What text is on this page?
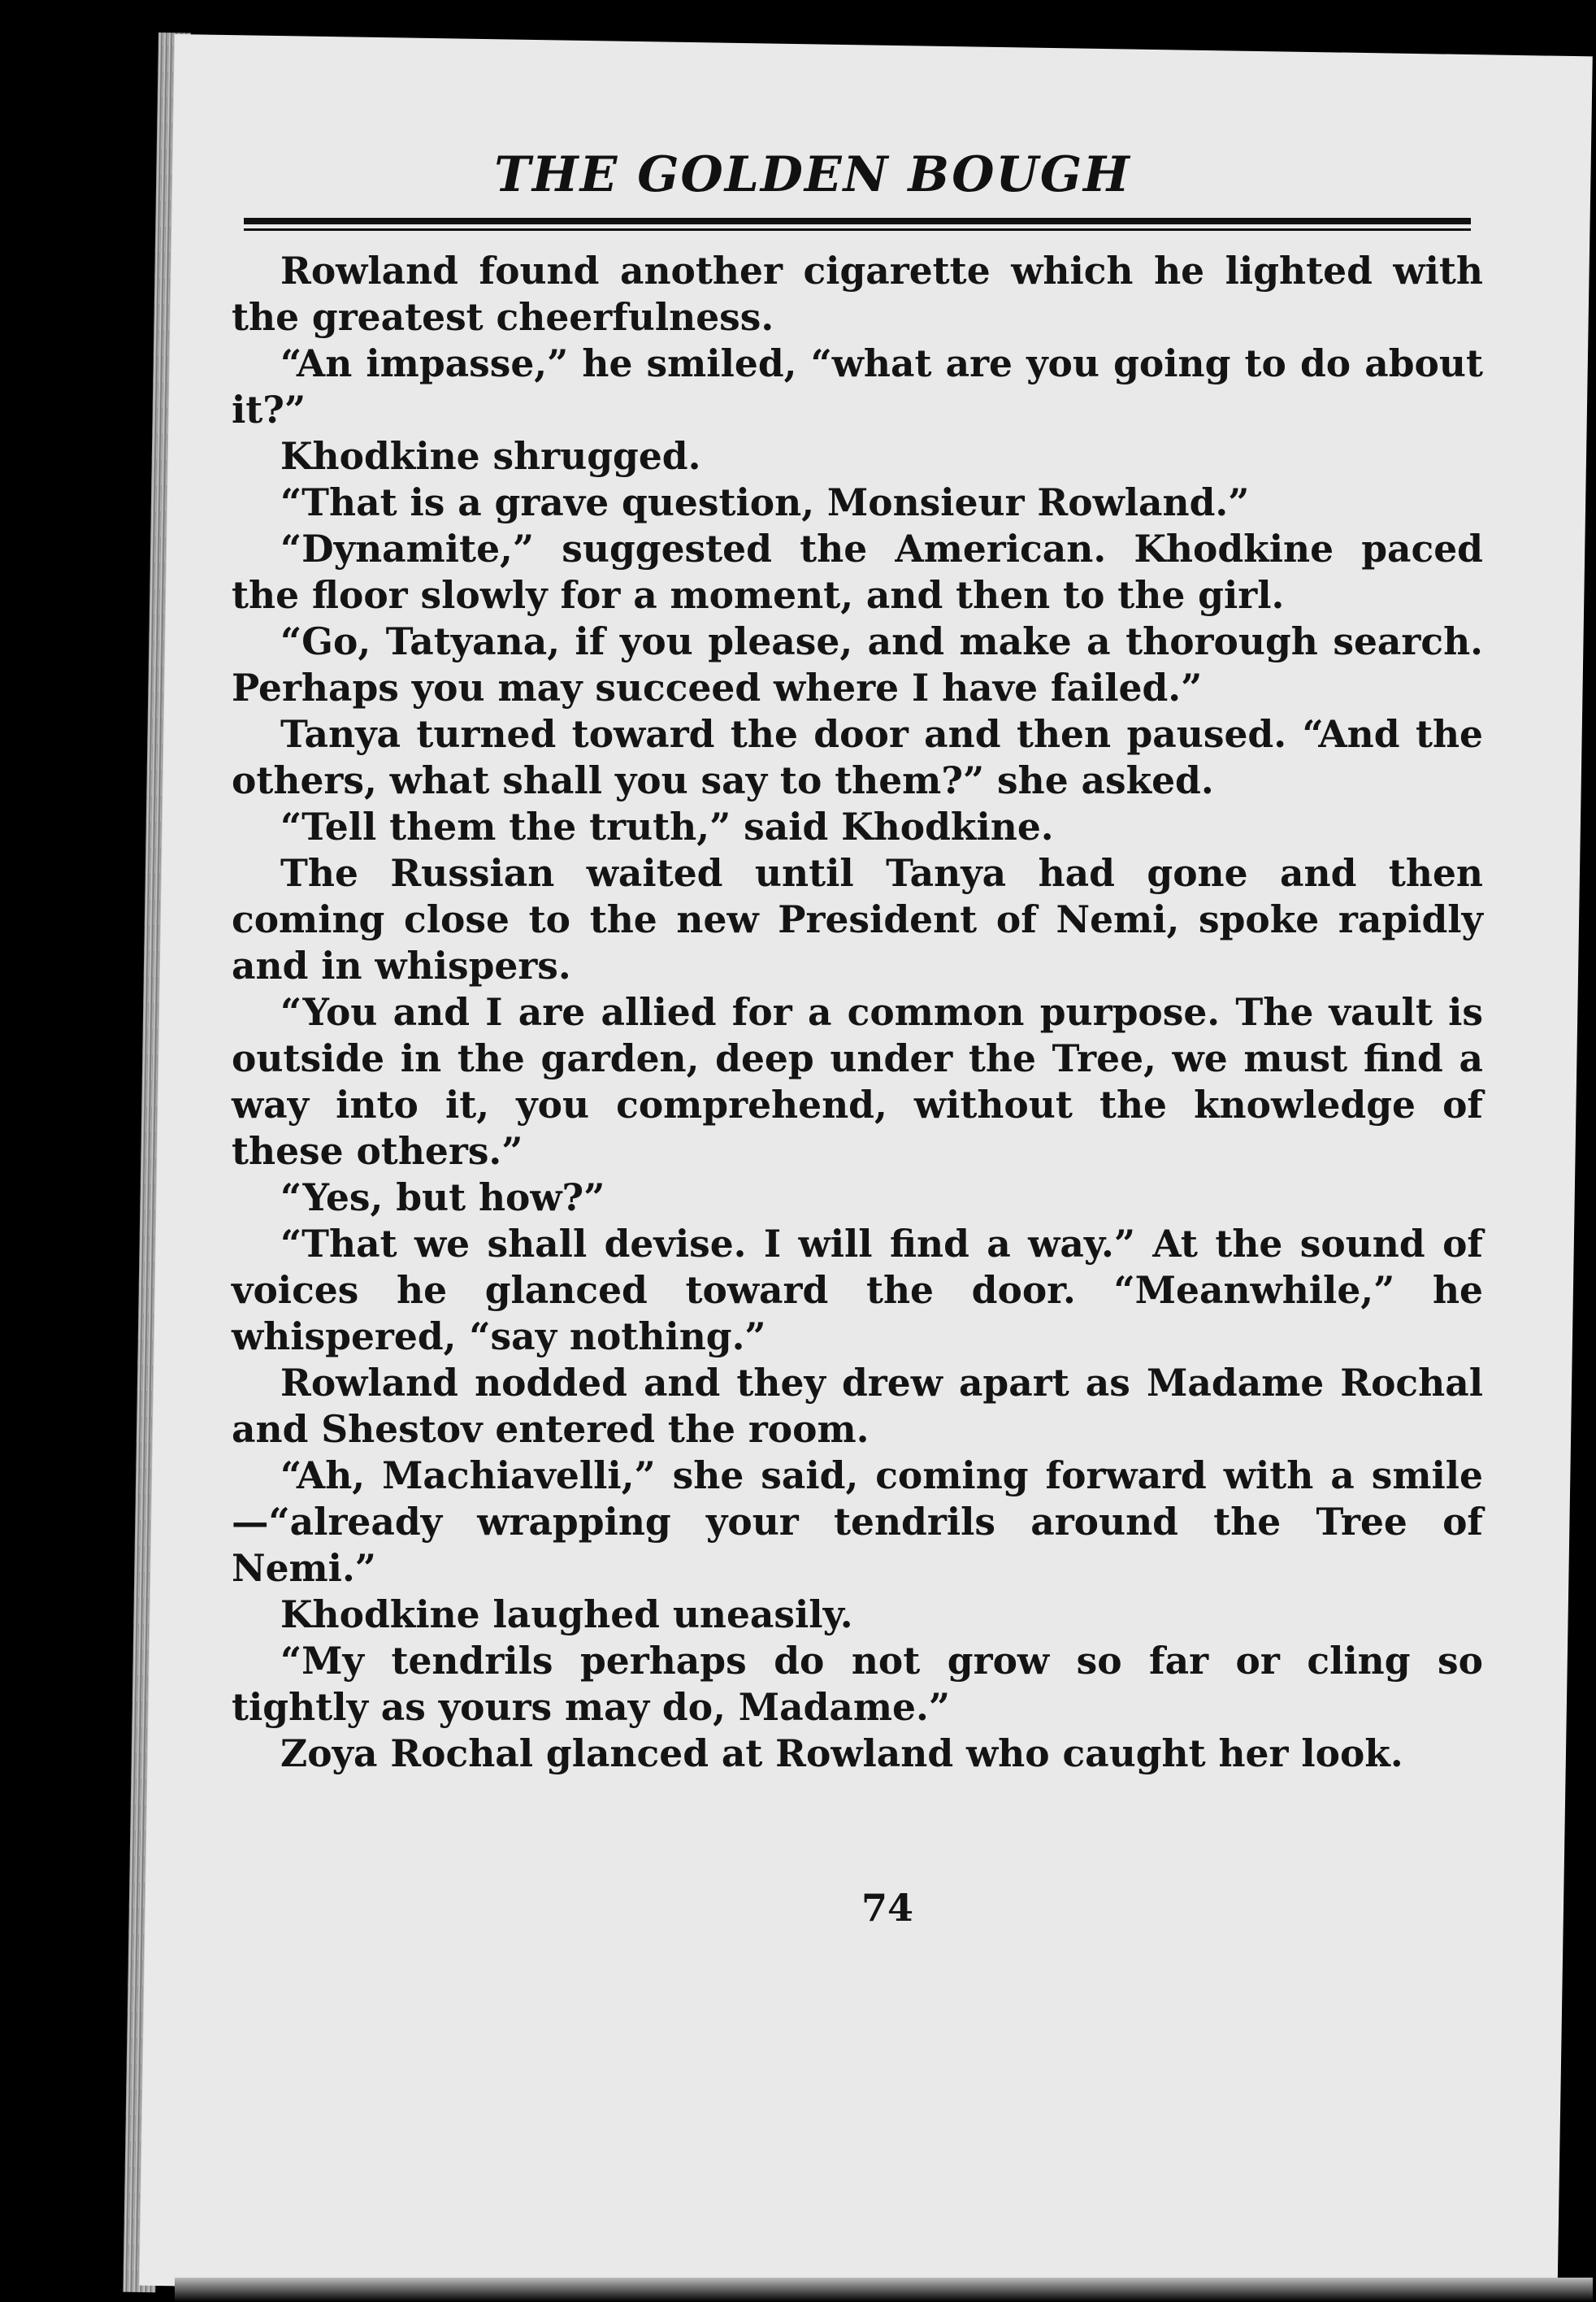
THE GOLDEN BOUGH

Rowland found another cigarette which he lighted with the greatest cheerfulness.

“An impasse,” he smiled, “what are you going to do about it?”

Khodkine shrugged.

“That is a grave question, Monsieur Rowland.”

“Dynamite,” suggested the American. Khodkine paced the floor slowly for a moment, and then to the girl.

“Go, Tatyana, if you please, and make a thorough search. Perhaps you may succeed where I have failed.”

Tanya turned toward the door and then paused. “And the others, what shall you say to them?” she asked.

“Tell them the truth,” said Khodkine.

The Russian waited until Tanya had gone and then coming close to the new President of Nemi, spoke rapidly and in whispers.

“You and I are allied for a common purpose. The vault is outside in the garden, deep under the Tree, we must find a way into it, you comprehend, without the knowledge of these others.”

“Yes, but how?”

“That we shall devise. I will find a way.” At the sound of voices he glanced toward the door. “Meanwhile,” he whispered, “say nothing.”

Rowland nodded and they drew apart as Madame Rochal and Shestov entered the room.

“Ah, Machiavelli,” she said, coming forward with a smile—“already wrapping your tendrils around the Tree of Nemi.”

Khodkine laughed uneasily.

“My tendrils perhaps do not grow so far or cling so tightly as yours may do, Madame.”

Zoya Rochal glanced at Rowland who caught her look.

74
